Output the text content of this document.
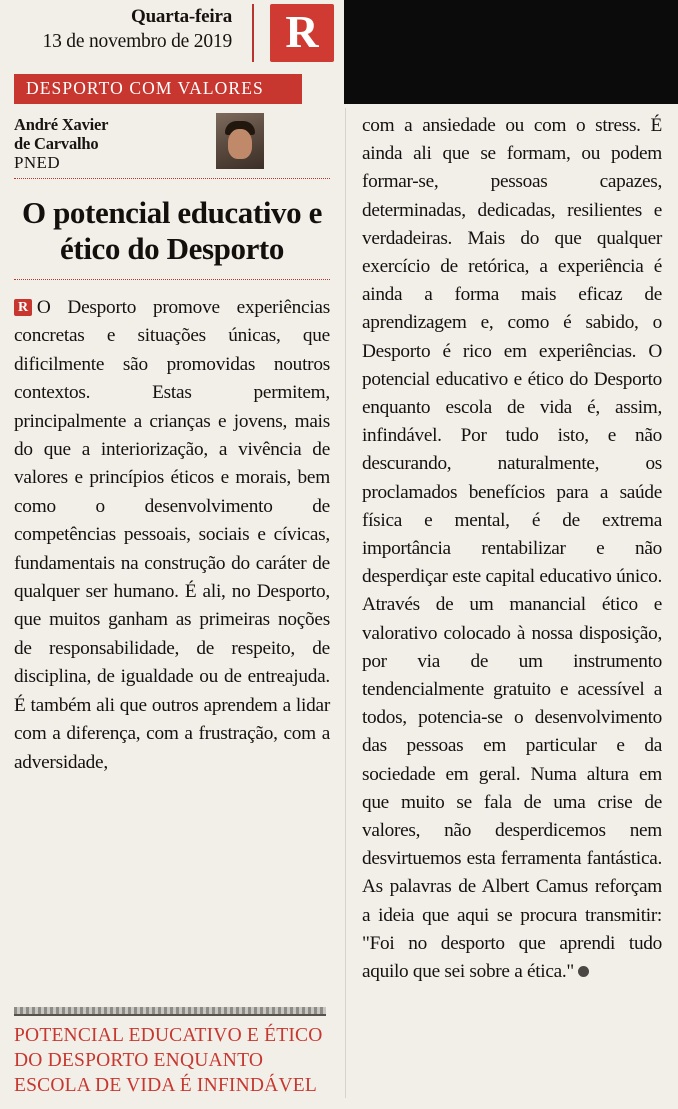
Quarta-feira
13 de novembro de 2019	R
DESPORTO COM VALORES
André Xavier
de Carvalho
PNED
O potencial educativo e ético do Desporto
R O Desporto promove experiências concretas e situações únicas, que dificilmente são promovidas noutros contextos. Estas permitem, principalmente a crianças e jovens, mais do que a interiorização, a vivência de valores e princípios éticos e morais, bem como o desenvolvimento de competências pessoais, sociais e cívicas, fundamentais na construção do caráter de qualquer ser humano. É ali, no Desporto, que muitos ganham as primeiras noções de responsabilidade, de respeito, de disciplina, de igualdade ou de entreajuda. É também ali que outros aprendem a lidar com a diferença, com a frustração, com a adversidade,
POTENCIAL EDUCATIVO E ÉTICO DO DESPORTO ENQUANTO ESCOLA DE VIDA É INFINDÁVEL
com a ansiedade ou com o stress. É ainda ali que se formam, ou podem formar-se, pessoas capazes, determinadas, dedicadas, resilientes e verdadeiras. Mais do que qualquer exercício de retórica, a experiência é ainda a forma mais eficaz de aprendizagem e, como é sabido, o Desporto é rico em experiências. O potencial educativo e ético do Desporto enquanto escola de vida é, assim, infindável. Por tudo isto, e não descurando, naturalmente, os proclamados benefícios para a saúde física e mental, é de extrema importância rentabilizar e não desperdiçar este capital educativo único. Através de um manancial ético e valorativo colocado à nossa disposição, por via de um instrumento tendencialmente gratuito e acessível a todos, potencia-se o desenvolvimento das pessoas em particular e da sociedade em geral. Numa altura em que muito se fala de uma crise de valores, não desperdicemos nem desvirtuemos esta ferramenta fantástica. As palavras de Albert Camus reforçam a ideia que aqui se procura transmitir: "Foi no desporto que aprendi tudo aquilo que sei sobre a ética."
